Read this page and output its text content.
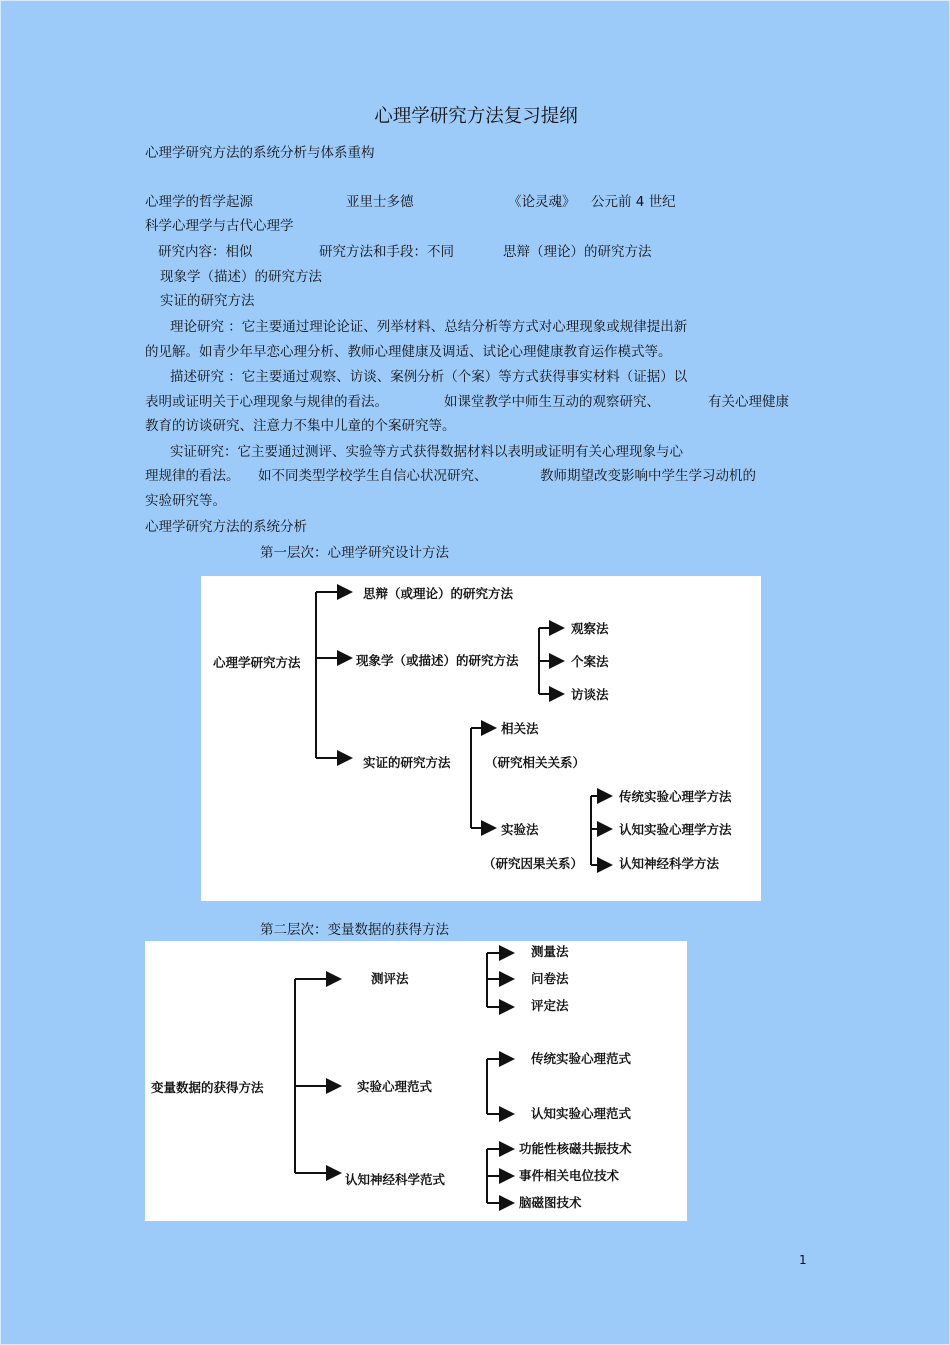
心理学研究方法复习提纲
心理学研究方法的系统分析与体系重构
心理学的哲学起源	亚里士多德	《论灵魂》 公元前 4 世纪
科学心理学与古代心理学
研究内容：相似	研究方法和手段：不同	思辩（理论）的研究方法
现象学（描述）的研究方法
实证的研究方法
理论研究 ：它主要通过理论论证、列举材料、总结分析等方式对心理现象或规律提出新
的见解。如青少年早恋心理分析、教师心理健康及调适、试论心理健康教育运作模式等。
描述研究 ：它主要通过观察、访谈、案例分析（个案）等方式获得事实材料（证据）以
表明或证明关于心理现象与规律的看法。	如课堂教学中师生互动的观察研究、	有关心理健康
教育的访谈研究、注意力不集中儿童的个案研究等。
实证研究：它主要通过测评、实验等方式获得数据材料以表明或证明有关心理现象与心
理规律的看法。 如不同类型学校学生自信心状况研究、	教师期望改变影响中学生学习动机的
实验研究等。
心理学研究方法的系统分析
第一层次：心理学研究设计方法
心理学研究方法
思辩（或理论）的研究方法
现象学（或描述）的研究方法
观察法
个案法
访谈法
实证的研究方法
相关法
（研究相关关系）
实验法
（研究因果关系）
传统实验心理学方法
认知实验心理学方法
认知神经科学方法
第二层次：变量数据的获得方法
变量数据的获得方法
测评法
实验心理范式
认知神经科学范式
测量法
问卷法
评定法
传统实验心理范式
认知实验心理范式
功能性核磁共振技术
事件相关电位技术
脑磁图技术
1
